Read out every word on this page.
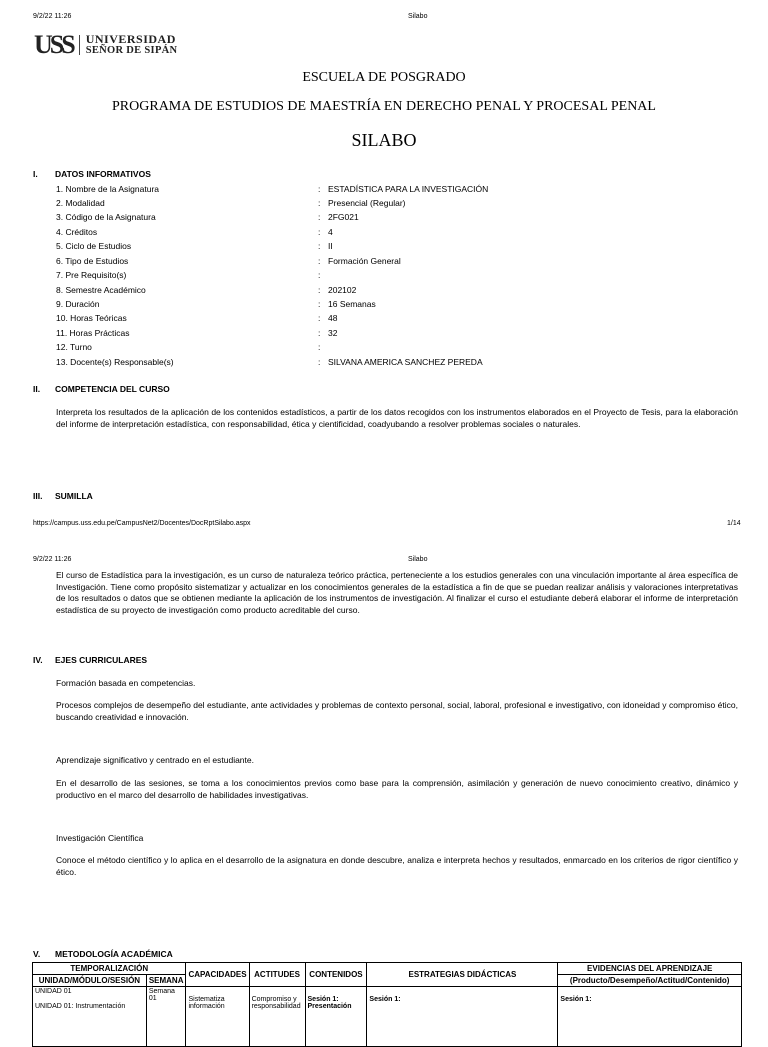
9/2/22 11:26	Silabo
USS UNIVERSIDAD
SEÑOR DE SIPÁN
ESCUELA DE POSGRADO
PROGRAMA DE ESTUDIOS DE MAESTRÍA EN DERECHO PENAL Y PROCESAL PENAL
SILABO
I. DATOS INFORMATIVOS
1. Nombre de la Asignatura	: ESTADÍSTICA PARA LA INVESTIGACIÓN
2. Modalidad	: Presencial (Regular)
3. Código de la Asignatura	: 2FG021
4. Créditos	: 4
5. Ciclo de Estudios	: II
6. Tipo de Estudios	: Formación General
7. Pre Requisito(s)	:
8. Semestre Académico	: 202102
9. Duración	: 16 Semanas
10. Horas Teóricas	: 48
11. Horas Prácticas	: 32
12. Turno	:
13. Docente(s) Responsable(s)	: SILVANA AMERICA SANCHEZ PEREDA
II. COMPETENCIA DEL CURSO
Interpreta los resultados de la aplicación de los contenidos estadísticos, a partir de los datos recogidos con los instrumentos elaborados en el Proyecto de Tesis, para la elaboración del informe de interpretación estadística, con responsabilidad, ética y cientificidad, coadyubando a resolver problemas sociales o naturales.
III. SUMILLA
https://campus.uss.edu.pe/CampusNet2/Docentes/DocRptSilabo.aspx	1/14
9/2/22 11:26	Silabo
El curso de Estadística para la investigación, es un curso de naturaleza teórico práctica, perteneciente a los estudios generales con una vinculación importante al área específica de Investigación. Tiene como propósito sistematizar y actualizar en los conocimientos generales de la estadística a fin de que se puedan realizar análisis y valoraciones interpretativas de los resultados o datos que se obtienen mediante la aplicación de los instrumentos de investigación. Al finalizar el curso el estudiante deberá elaborar el informe de interpretación estadística de su proyecto de investigación como producto acreditable del curso.
IV. EJES CURRICULARES
Formación basada en competencias.
Procesos complejos de desempeño del estudiante, ante actividades y problemas de contexto personal, social, laboral, profesional e investigativo, con idoneidad y compromiso ético, buscando creatividad e innovación.
Aprendizaje significativo y centrado en el estudiante.
En el desarrollo de las sesiones, se toma a los conocimientos previos como base para la comprensión, asimilación y generación de nuevo conocimiento creativo, dinámico y productivo en el marco del desarrollo de habilidades investigativas.
Investigación Científica
Conoce el método científico y lo aplica en el desarrollo de la asignatura en donde descubre, analiza e interpreta hechos y resultados, enmarcado en los criterios de rigor científico y ético.
V. METODOLOGÍA ACADÉMICA
TEMPORALIZACIÓN		CAPACIDADES	ACTITUDES	CONTENIDOS	ESTRATEGIAS DIDÁCTICAS	EVIDENCIAS DEL APRENDIZAJE
UNIDAD/MÓDULO/SESIÓN	SEMANA					(Producto/Desempeño/Actitud/Contenido)

UNIDAD 01
UNIDAD 01: Instrumentación	Semana 01	Sistematiza información	Compromiso y responsabilidad	Sesión 1: Presentación	Sesión 1:	Sesión 1:
